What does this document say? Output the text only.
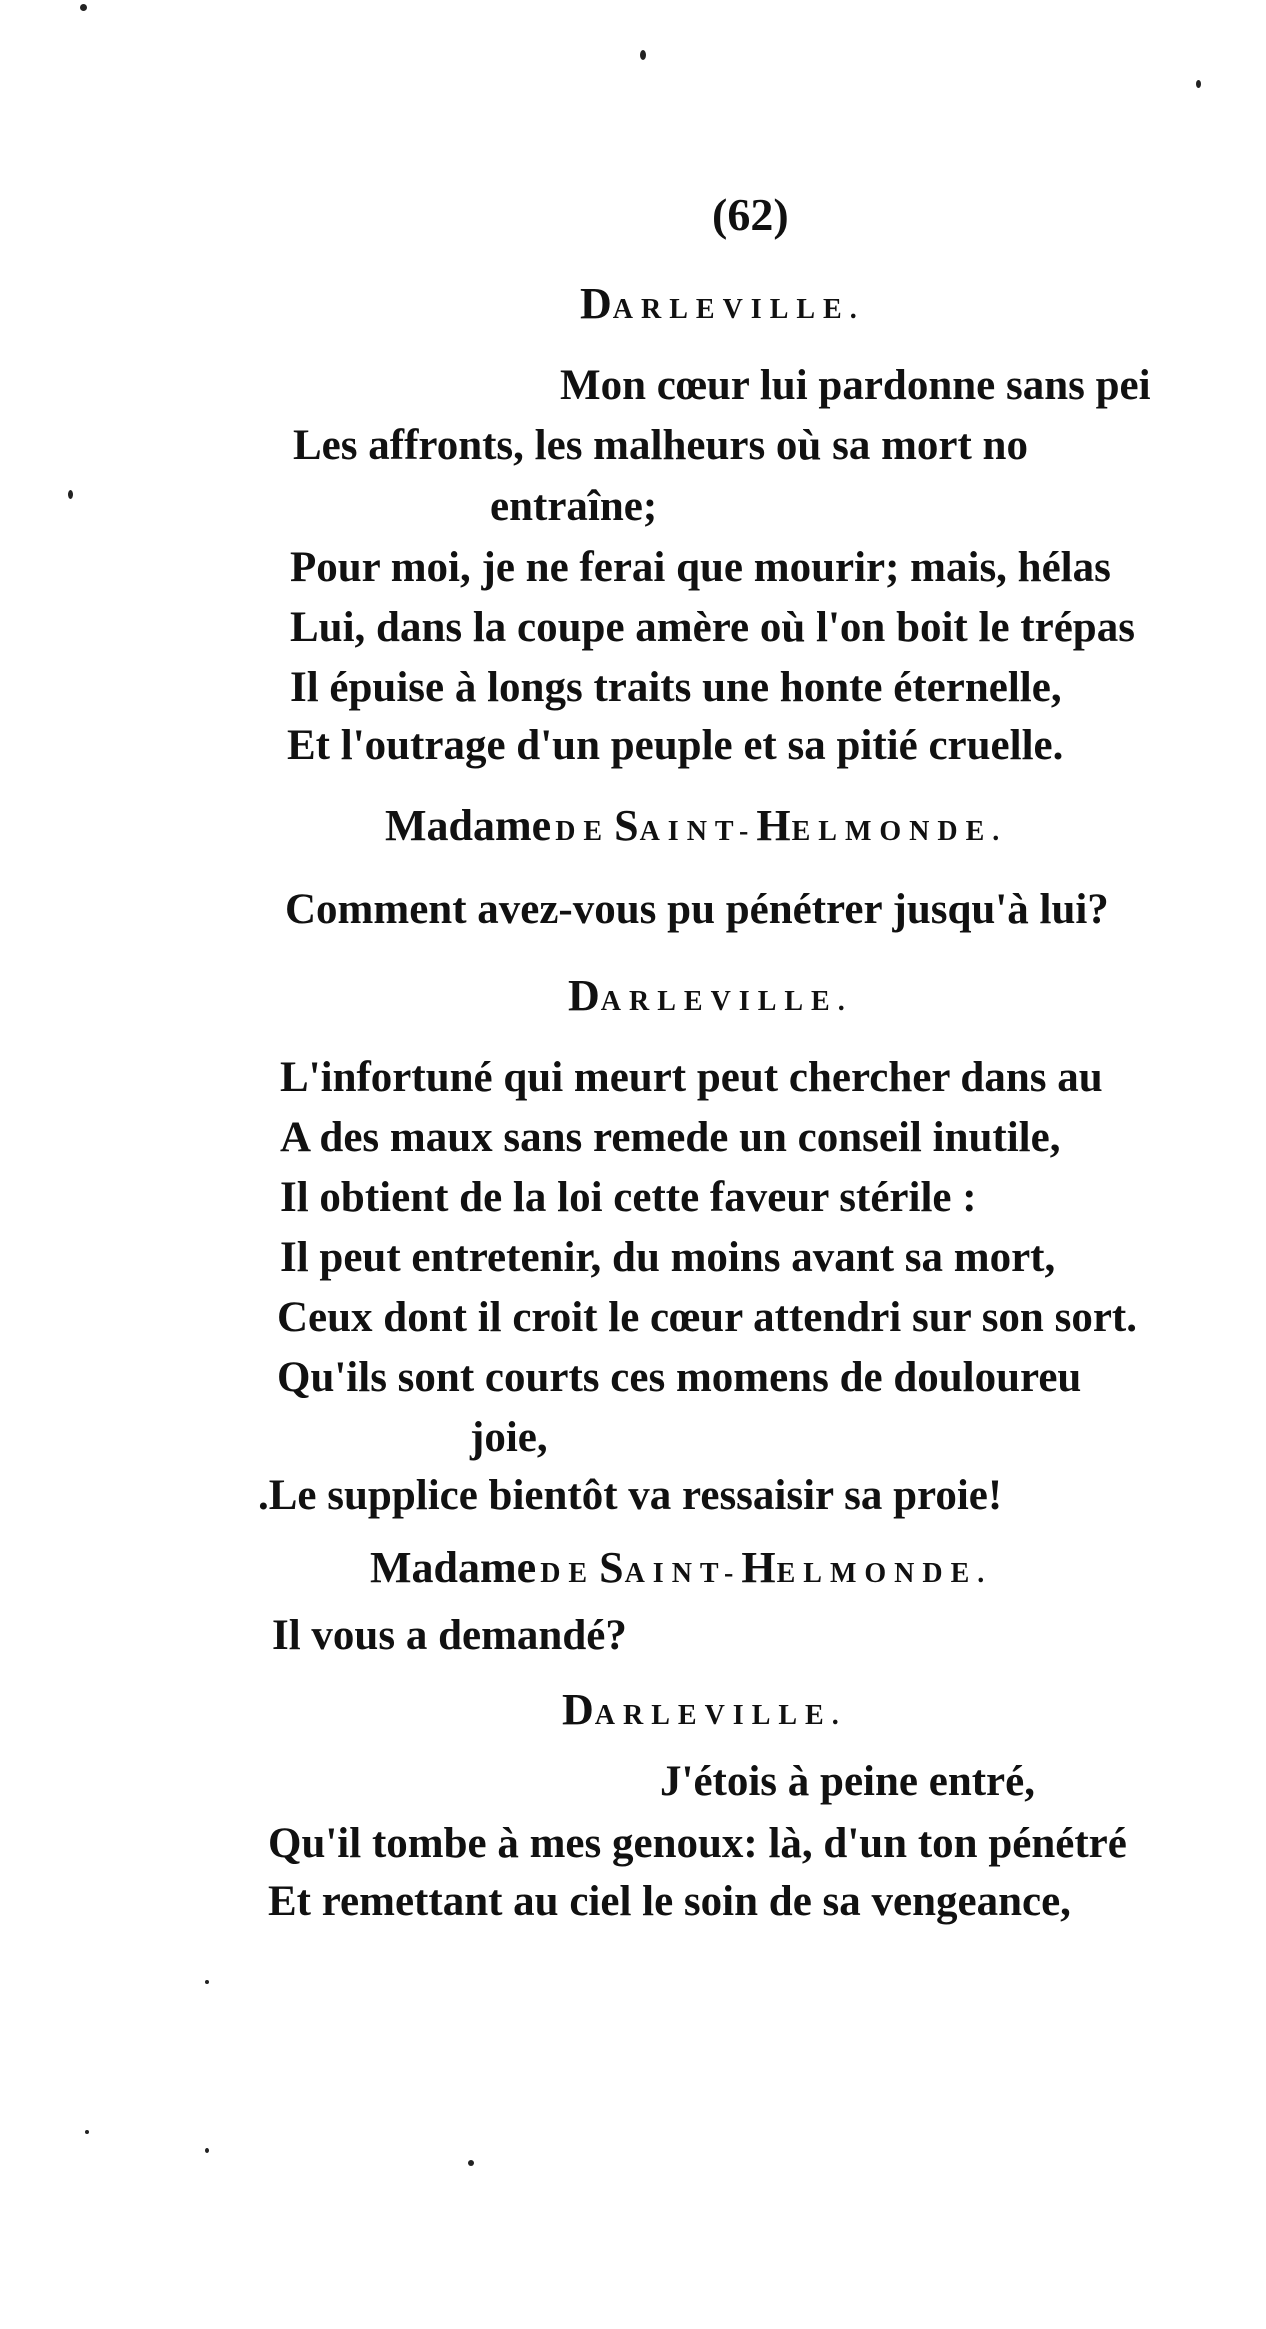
(62)
DARLEVILLE.
Mon cœur lui pardonne sans pei
Les affronts, les malheurs où sa mort no
entraîne;
Pour moi, je ne ferai que mourir; mais, hélas
Lui, dans la coupe amère où l'on boit le trépas
Il épuise à longs traits une honte éternelle,
Et l'outrage d'un peuple et sa pitié cruelle.
Madame DE SAINT-HELMONDE.
Comment avez-vous pu pénétrer jusqu'à lui?
DARLEVILLE.
L'infortuné qui meurt peut chercher dans au
A des maux sans remede un conseil inutile,
Il obtient de la loi cette faveur stérile :
Il peut entretenir, du moins avant sa mort,
Ceux dont il croit le cœur attendri sur son sort.
Qu'ils sont courts ces momens de douloureu
joie,
.Le supplice bientôt va ressaisir sa proie!
Madame DE SAINT-HELMONDE.
Il vous a demandé?
DARLEVILLE.
J'étois à peine entré,
Qu'il tombe à mes genoux: là, d'un ton pénétré
Et remettant au ciel le soin de sa vengeance,
